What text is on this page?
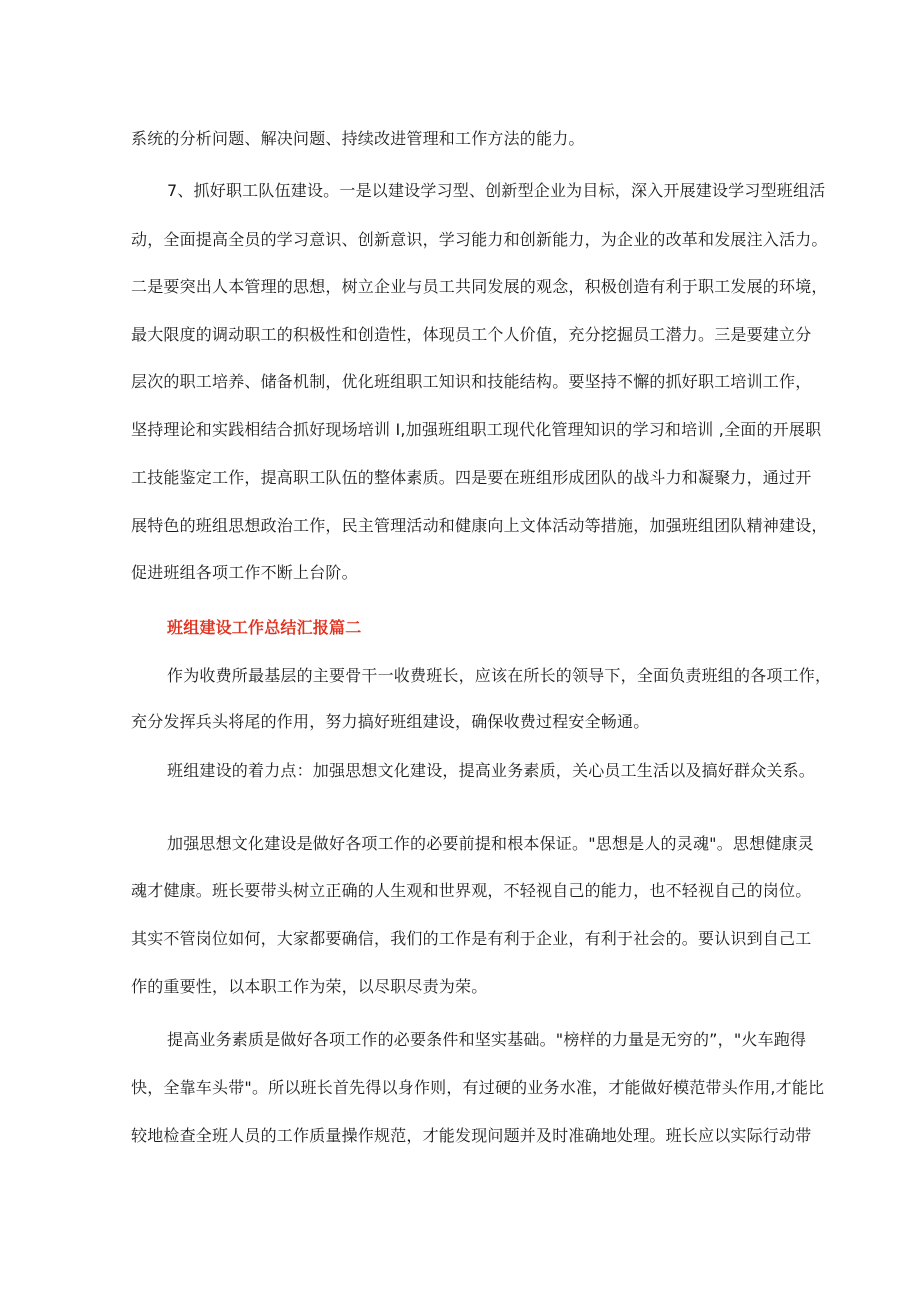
系统的分析问题、解决问题、持续改进管理和工作方法的能力。
7、抓好职工队伍建设。一是以建设学习型、创新型企业为目标，深入开展建设学习型班组活
动，全面提高全员的学习意识、创新意识，学习能力和创新能力，为企业的改革和发展注入活力。
二是要突出人本管理的思想，树立企业与员工共同发展的观念，积极创造有利于职工发展的环境，
最大限度的调动职工的积极性和创造性，体现员工个人价值，充分挖掘员工潜力。三是要建立分
层次的职工培养、储备机制，优化班组职工知识和技能结构。要坚持不懈的抓好职工培训工作，
坚持理论和实践相结合抓好现场培训 I,加强班组职工现代化管理知识的学习和培训 ,全面的开展职
工技能鉴定工作，提高职工队伍的整体素质。四是要在班组形成团队的战斗力和凝聚力，通过开
展特色的班组思想政治工作，民主管理活动和健康向上文体活动等措施，加强班组团队精神建设，
促进班组各项工作不断上台阶。
班组建设工作总结汇报篇二
作为收费所最基层的主要骨干一收费班长，应该在所长的领导下，全面负责班组的各项工作，
充分发挥兵头将尾的作用，努力搞好班组建设，确保收费过程安全畅通。
班组建设的着力点：加强思想文化建设，提高业务素质，关心员工生活以及搞好群众关系。
加强思想文化建设是做好各项工作的必要前提和根本保证。"思想是人的灵魂"。思想健康灵
魂才健康。班长要带头树立正确的人生观和世界观，不轻视自己的能力，也不轻视自己的岗位。
其实不管岗位如何，大家都要确信，我们的工作是有利于企业，有利于社会的。要认识到自己工
作的重要性，以本职工作为荣，以尽职尽责为荣。
提高业务素质是做好各项工作的必要条件和坚实基础。"榜样的力量是无穷的”，"火车跑得
快，全靠车头带"。所以班长首先得以身作则，有过硬的业务水准，才能做好模范带头作用,才能比
较地检查全班人员的工作质量操作规范，才能发现问题并及时准确地处理。班长应以实际行动带
